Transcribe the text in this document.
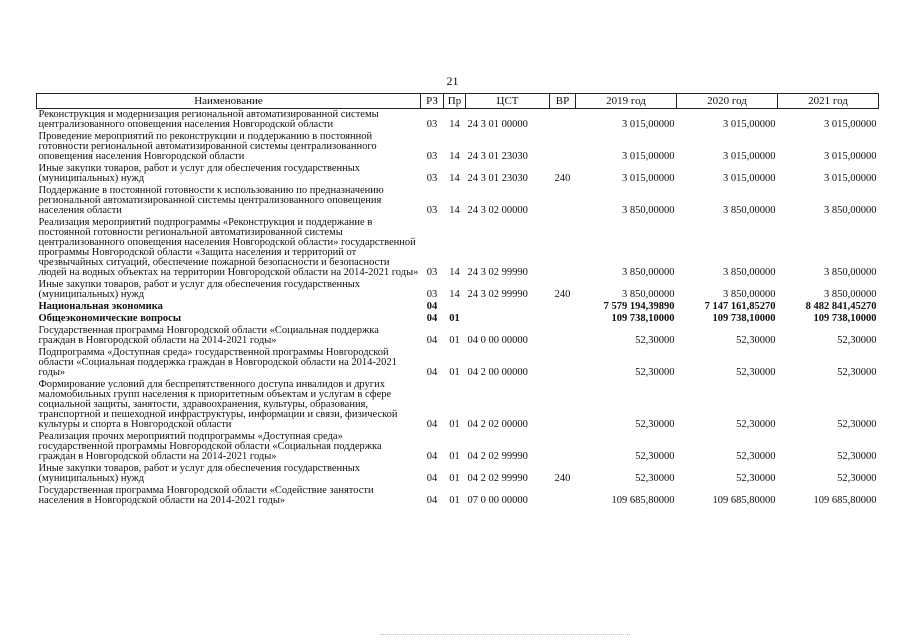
21
Наименование	РЗ	Пр	ЦСТ	ВР	2019 год	2020 год	2021 год
Реконструкция и модернизация региональной автоматизированной системы централизованного оповещения населения Новгородской области	03	14	24 3 01 00000		3 015,00000	3 015,00000	3 015,00000
Проведение мероприятий по реконструкции и поддержанию в постоянной готовности региональной автоматизированной системы централизованного оповещения населения Новгородской области	03	14	24 3 01 23030		3 015,00000	3 015,00000	3 015,00000
Иные закупки товаров, работ и услуг для обеспечения государственных (муниципальных) нужд	03	14	24 3 01 23030	240	3 015,00000	3 015,00000	3 015,00000
Поддержание в постоянной готовности к использованию по предназначению региональной автоматизированной системы централизованного оповещения населения области	03	14	24 3 02 00000		3 850,00000	3 850,00000	3 850,00000
Реализация мероприятий подпрограммы «Реконструкция и поддержание в постоянной готовности региональной автоматизированной системы централизованного оповещения населения Новгородской области» государственной программы Новгородской области «Защита населения и территорий от чрезвычайных ситуаций, обеспечение пожарной безопасности и безопасности людей на водных объектах на территории Новгородской области на 2014-2021 годы»	03	14	24 3 02 99990		3 850,00000	3 850,00000	3 850,00000
Иные закупки товаров, работ и услуг для обеспечения государственных (муниципальных) нужд	03	14	24 3 02 99990	240	3 850,00000	3 850,00000	3 850,00000
Национальная экономика	04				7 579 194,39890	7 147 161,85270	8 482 841,45270
Общеэкономические вопросы	04	01			109 738,10000	109 738,10000	109 738,10000
Государственная программа Новгородской области «Социальная поддержка граждан в Новгородской области на 2014-2021 годы»	04	01	04 0 00 00000		52,30000	52,30000	52,30000
Подпрограмма «Доступная среда» государственной программы Новгородской области «Социальная поддержка граждан в Новгородской области на 2014-2021 годы»	04	01	04 2 00 00000		52,30000	52,30000	52,30000
Формирование условий для беспрепятственного доступа инвалидов и других маломобильных групп населения к приоритетным объектам и услугам в сфере социальной защиты, занятости, здравоохранения, культуры, образования, транспортной и пешеходной инфраструктуры, информации и связи, физической культуры и спорта в Новгородской области	04	01	04 2 02 00000		52,30000	52,30000	52,30000
Реализация прочих мероприятий подпрограммы «Доступная среда» государственной программы Новгородской области «Социальная поддержка граждан в Новгородской области на 2014-2021 годы»	04	01	04 2 02 99990		52,30000	52,30000	52,30000
Иные закупки товаров, работ и услуг для обеспечения государственных (муниципальных) нужд	04	01	04 2 02 99990	240	52,30000	52,30000	52,30000
Государственная программа Новгородской области «Содействие занятости населения в Новгородской области на 2014-2021 годы»	04	01	07 0 00 00000		109 685,80000	109 685,80000	109 685,80000
